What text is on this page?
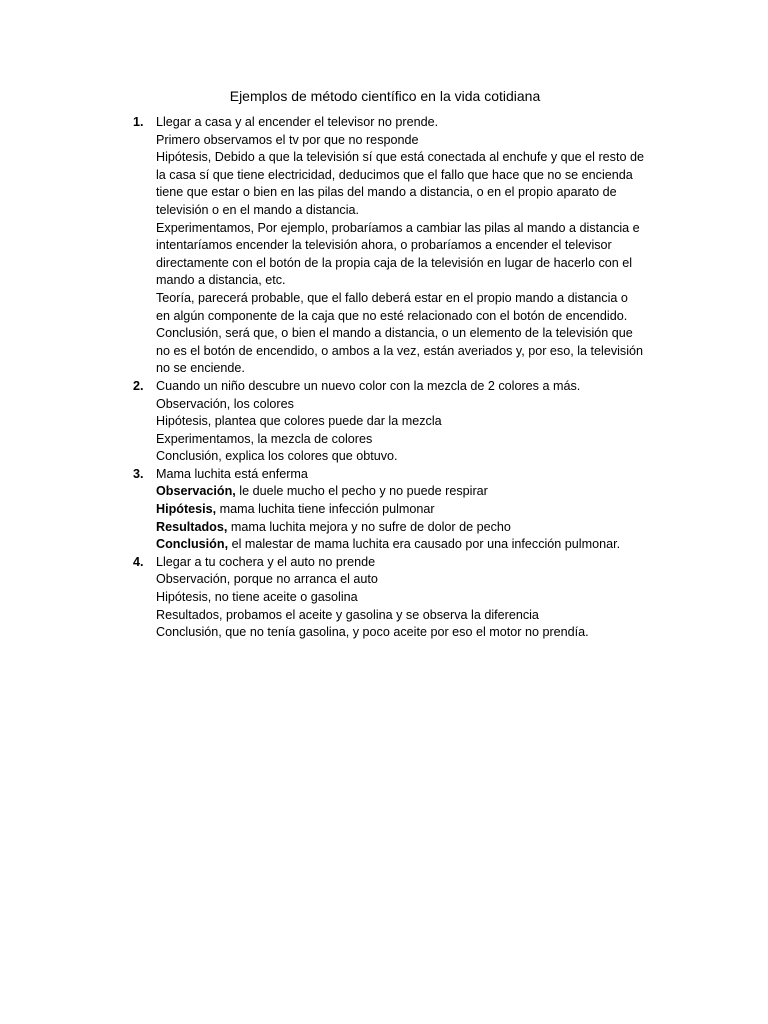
Ejemplos de método científico en la vida cotidiana
1. Llegar a casa y al encender el televisor no prende.
Primero observamos el tv por que no responde
Hipótesis, Debido a que la televisión sí que está conectada al enchufe y que el resto de
la casa sí que tiene electricidad, deducimos que el fallo que hace que no se encienda
tiene que estar o bien en las pilas del mando a distancia, o en el propio aparato de
televisión o en el mando a distancia.
Experimentamos, Por ejemplo, probaríamos a cambiar las pilas al mando a distancia e
intentaríamos encender la televisión ahora, o probaríamos a encender el televisor
directamente con el botón de la propia caja de la televisión en lugar de hacerlo con el
mando a distancia, etc.
Teoría, parecerá probable, que el fallo deberá estar en el propio mando a distancia o
en algún componente de la caja que no esté relacionado con el botón de encendido.
Conclusión, será que, o bien el mando a distancia, o un elemento de la televisión que
no es el botón de encendido, o ambos a la vez, están averiados y, por eso, la televisión
no se enciende.
2. Cuando un niño descubre un nuevo color con la mezcla de 2 colores a más.
Observación, los colores
Hipótesis, plantea que colores puede dar la mezcla
Experimentamos, la mezcla de colores
Conclusión, explica los colores que obtuvo.
3. Mama luchita está enferma
Observación, le duele mucho el pecho y no puede respirar
Hipótesis, mama luchita tiene infección pulmonar
Resultados, mama luchita mejora y no sufre de dolor de pecho
Conclusión, el malestar de mama luchita era causado por una infección pulmonar.
4. Llegar a tu cochera y el auto no prende
Observación, porque no arranca el auto
Hipótesis, no tiene aceite o gasolina
Resultados, probamos el aceite y gasolina y se observa la diferencia
Conclusión, que no tenía gasolina, y poco aceite por eso el motor no prendía.
